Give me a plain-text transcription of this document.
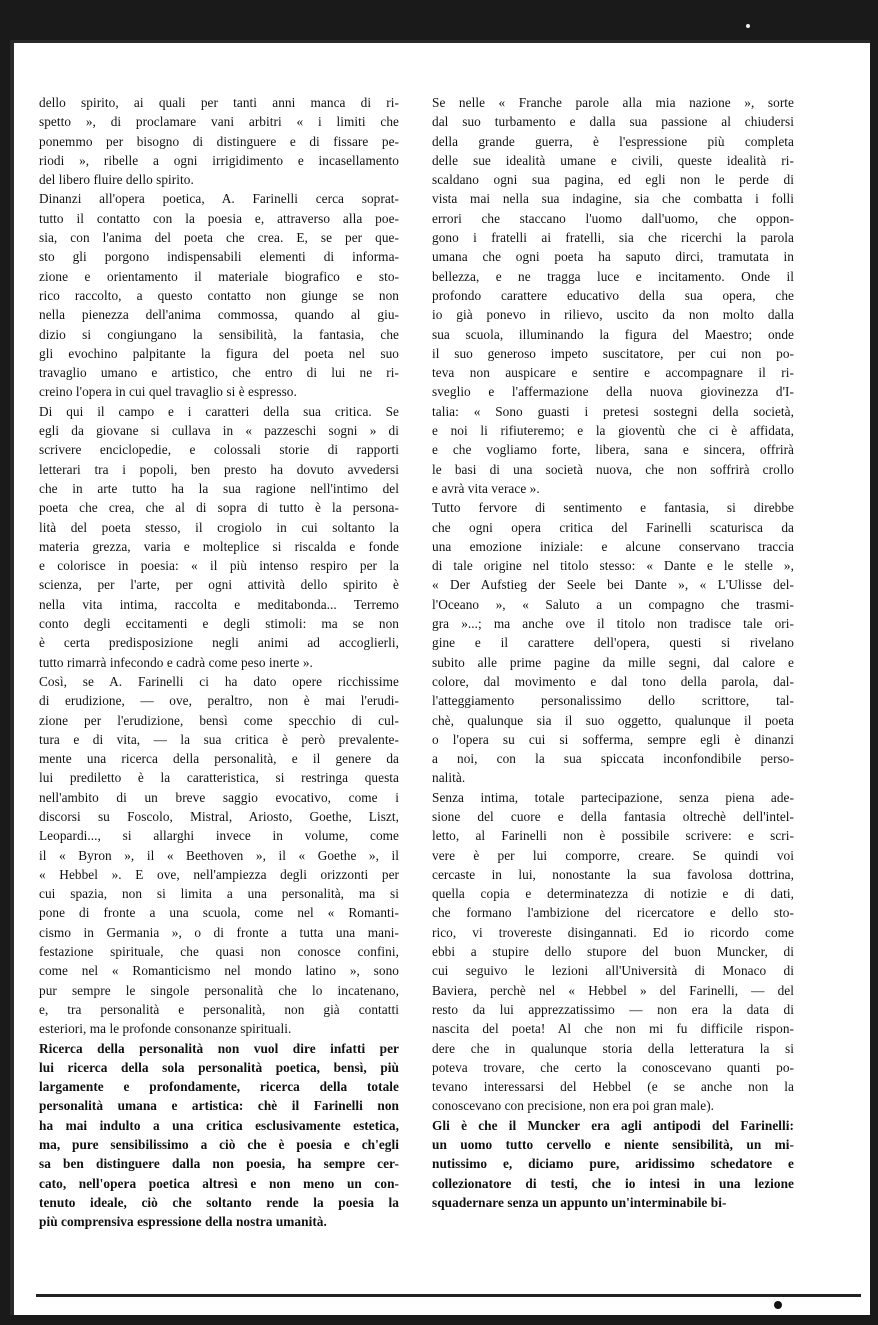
dello spirito, ai quali per tanti anni manca di ri-
spetto », di proclamare vani arbitri « i limiti che
ponemmo per bisogno di distinguere e di fissare pe-
riodi », ribelle a ogni irrigidimento e incasellamento
del libero fluire dello spirito.

Dinanzi all'opera poetica, A. Farinelli cerca soprat-
tutto il contatto con la poesia e, attraverso alla poe-
sia, con l'anima del poeta che crea. E, se per que-
sto gli porgono indispensabili elementi di informa-
zione e orientamento il materiale biografico e sto-
rico raccolto, a questo contatto non giunge se non
nella pienezza dell'anima commossa, quando al giu-
dizio si congiungano la sensibilità, la fantasia, che
gli evochino palpitante la figura del poeta nel suo
travaglio umano e artistico, che entro di lui ne ri-
creino l'opera in cui quel travaglio si è espresso.

Di qui il campo e i caratteri della sua critica. Se
egli da giovane si cullava in « pazzeschi sogni » di
scrivere enciclopedie, e colossali storie di rapporti
letterari tra i popoli, ben presto ha dovuto avvedersi
che in arte tutto ha la sua ragione nell'intimo del
poeta che crea, che al di sopra di tutto è la persona-
lità del poeta stesso, il crogiolo in cui soltanto la
materia grezza, varia e molteplice si riscalda e fonde
e colorisce in poesia: « il più intenso respiro per la
scienza, per l'arte, per ogni attività dello spirito è
nella vita intima, raccolta e meditabonda... Terremo
conto degli eccitamenti e degli stimoli: ma se non
è certa predisposizione negli animi ad accoglierli,
tutto rimarrà infecondo e cadrà come peso inerte ».

Così, se A. Farinelli ci ha dato opere ricchissime
di erudizione, — ove, peraltro, non è mai l'erudi-
zione per l'erudizione, bensì come specchio di cul-
tura e di vita, — la sua critica è però prevalente-
mente una ricerca della personalità, e il genere da
lui prediletto è la caratteristica, si restringa questa
nell'ambito di un breve saggio evocativo, come i
discorsi su Foscolo, Mistral, Ariosto, Goethe, Liszt,
Leopardi..., si allarghi invece in volume, come
il « Byron », il « Beethoven », il « Goethe », il
« Hebbel ». E ove, nell'ampiezza degli orizzonti per
cui spazia, non si limita a una personalità, ma si
pone di fronte a una scuola, come nel « Romanti-
cismo in Germania », o di fronte a tutta una mani-
festazione spirituale, che quasi non conosce confini,
come nel « Romanticismo nel mondo latino », sono
pur sempre le singole personalità che lo incatenano,
e, tra personalità e personalità, non già contatti
esteriori, ma le profonde consonanze spirituali.

Ricerca della personalità non vuol dire infatti per
lui ricerca della sola personalità poetica, bensì, più
largamente e profondamente, ricerca della totale
personalità umana e artistica: chè il Farinelli non
ha mai indulto a una critica esclusivamente estetica,
ma, pure sensibilissimo a ciò che è poesia e ch'egli
sa ben distinguere dalla non poesia, ha sempre cer-
cato, nell'opera poetica altresì e non meno un con-
tenuto ideale, ciò che soltanto rende la poesia la
più comprensiva espressione della nostra umanità.

Se nelle « Franche parole alla mia nazione », sorte
dal suo turbamento e dalla sua passione al chiudersi
della grande guerra, è l'espressione più completa
delle sue idealità umane e civili, queste idealità ri-
scaldano ogni sua pagina, ed egli non le perde di
vista mai nella sua indagine, sia che combatta i folli
errori che staccano l'uomo dall'uomo, che oppon-
gono i fratelli ai fratelli, sia che ricerchi la parola
umana che ogni poeta ha saputo dirci, tramutata in
bellezza, e ne tragga luce e incitamento. Onde il
profondo carattere educativo della sua opera, che
io già ponevo in rilievo, uscito da non molto dalla
sua scuola, illuminando la figura del Maestro; onde
il suo generoso impeto suscitatore, per cui non po-
teva non auspicare e sentire e accompagnare il ri-
sveglio e l'affermazione della nuova giovinezza d'I-
talia: « Sono guasti i pretesi sostegni della società,
e noi li rifiuteremo; e la gioventù che ci è affidata,
e che vogliamo forte, libera, sana e sincera, offrirà
le basi di una società nuova, che non soffrirà crollo
e avrà vita verace ».

Tutto fervore di sentimento e fantasia, si direbbe
che ogni opera critica del Farinelli scaturisca da
una emozione iniziale: e alcune conservano traccia
di tale origine nel titolo stesso: « Dante e le stelle »,
« Der Aufstieg der Seele bei Dante », « L'Ulisse del-
l'Oceano », « Saluto a un compagno che trasmi-
gra »...; ma anche ove il titolo non tradisce tale ori-
gine e il carattere dell'opera, questi si rivelano
subito alle prime pagine da mille segni, dal calore e
colore, dal movimento e dal tono della parola, dal-
l'atteggiamento personalissimo dello scrittore, tal-
chè, qualunque sia il suo oggetto, qualunque il poeta
o l'opera su cui si sofferma, sempre egli è dinanzi
a noi, con la sua spiccata inconfondibile perso-
nalità.

Senza intima, totale partecipazione, senza piena ade-
sione del cuore e della fantasia oltrechè dell'intel-
letto, al Farinelli non è possibile scrivere: e scri-
vere è per lui comporre, creare. Se quindi voi
cercaste in lui, nonostante la sua favolosa dottrina,
quella copia e determinatezza di notizie e di dati,
che formano l'ambizione del ricercatore e dello sto-
rico, vi trovereste disingannati. Ed io ricordo come
ebbi a stupire dello stupore del buon Muncker, di
cui seguivo le lezioni all'Università di Monaco di
Baviera, perchè nel « Hebbel » del Farinelli, — del
resto da lui apprezzatissimo — non era la data di
nascita del poeta! Al che non mi fu difficile rispon-
dere che in qualunque storia della letteratura la si
poteva trovare, che certo la conoscevano quanti po-
tevano interessarsi del Hebbel (e se anche non la
conoscevano con precisione, non era poi gran male).

Gli è che il Muncker era agli antipodi del Farinelli:
un uomo tutto cervello e niente sensibilità, un mi-
nutissimo e, diciamo pure, aridissimo schedatore e
collezionatore di testi, che io intesi in una lezione
squadernare senza un appunto un'interminabile bi-
